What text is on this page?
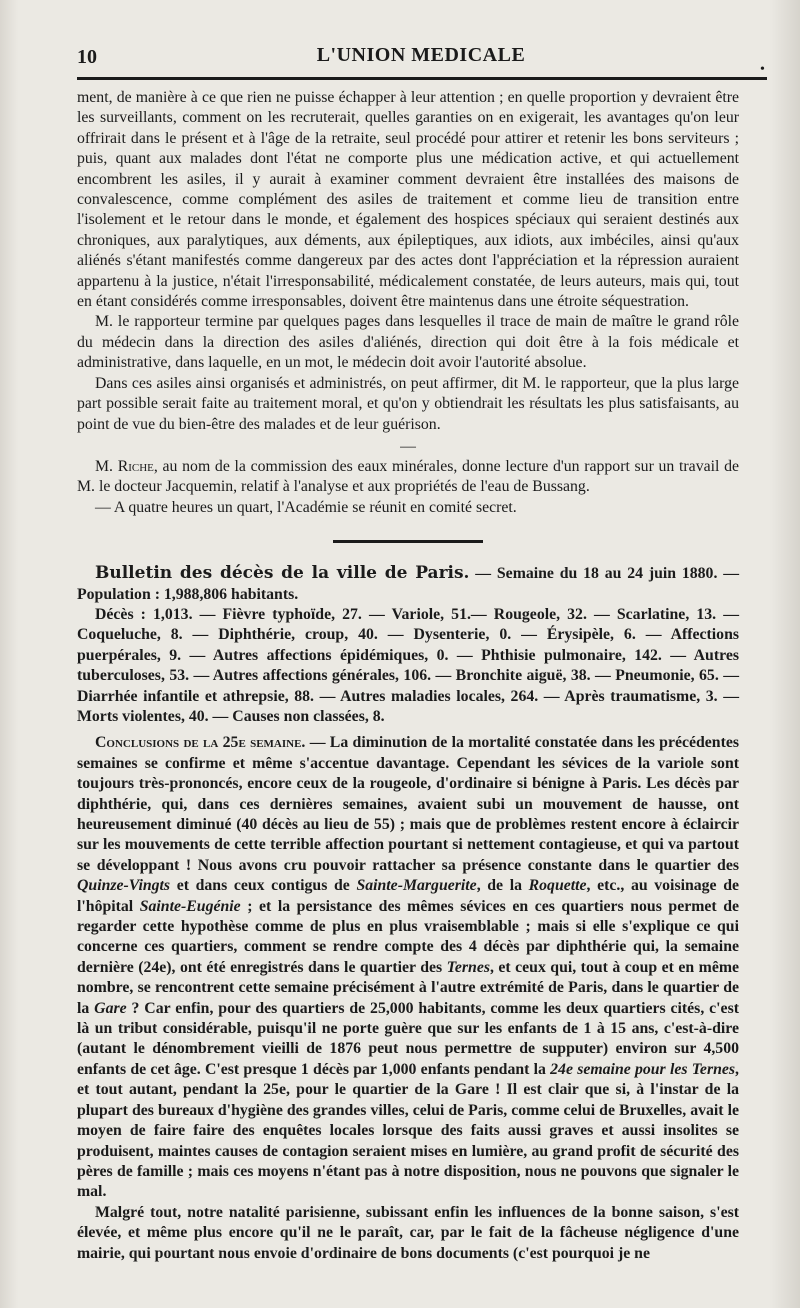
10	L'UNION MEDICALE
•

ment, de manière à ce que rien ne puisse échapper à leur attention ; en quelle proportion y devraient être les surveillants, comment on les recruterait, quelles garanties on en exigerait, les avantages qu'on leur offrirait dans le présent et à l'âge de la retraite, seul procédé pour attirer et retenir les bons serviteurs ; puis, quant aux malades dont l'état ne comporte plus une médication active, et qui actuellement encombrent les asiles, il y aurait à examiner comment devraient être installées des maisons de convalescence, comme complément des asiles de traitement et comme lieu de transition entre l'isolement et le retour dans le monde, et également des hospices spéciaux qui seraient destinés aux chroniques, aux paralytiques, aux déments, aux épileptiques, aux idiots, aux imbéciles, ainsi qu'aux aliénés s'étant manifestés comme dangereux par des actes dont l'appréciation et la répression auraient appartenu à la justice, n'était l'irresponsabilité, médicalement constatée, de leurs auteurs, mais qui, tout en étant considérés comme irresponsables, doivent être maintenus dans une étroite séquestration.

M. le rapporteur termine par quelques pages dans lesquelles il trace de main de maître le grand rôle du médecin dans la direction des asiles d'aliénés, direction qui doit être à la fois médicale et administrative, dans laquelle, en un mot, le médecin doit avoir l'autorité absolue.

Dans ces asiles ainsi organisés et administrés, on peut affirmer, dit M. le rapporteur, que la plus large part possible serait faite au traitement moral, et qu'on y obtiendrait les résultats les plus satisfaisants, au point de vue du bien-être des malades et de leur guérison.

—

M. Riche, au nom de la commission des eaux minérales, donne lecture d'un rapport sur un travail de M. le docteur Jacquemin, relatif à l'analyse et aux propriétés de l'eau de Bussang.

— A quatre heures un quart, l'Académie se réunit en comité secret.

Bulletin des décès de la ville de Paris. — Semaine du 18 au 24 juin 1880. — Population : 1,988,806 habitants.

Décès : 1,013. — Fièvre typhoïde, 27. — Variole, 51.— Rougeole, 32. — Scarlatine, 13. — Coqueluche, 8. — Diphthérie, croup, 40. — Dysenterie, 0. — Érysipèle, 6. — Affections puerpérales, 9. — Autres affections épidémiques, 0. — Phthisie pulmonaire, 142. — Autres tuberculoses, 53. — Autres affections générales, 106. — Bronchite aiguë, 38. — Pneumonie, 65. — Diarrhée infantile et athrepsie, 88. — Autres maladies locales, 264. — Après traumatisme, 3. — Morts violentes, 40. — Causes non classées, 8.

Conclusions de la 25e semaine. — La diminution de la mortalité constatée dans les précédentes semaines se confirme et même s'accentue davantage. Cependant les sévices de la variole sont toujours très-prononcés, encore ceux de la rougeole, d'ordinaire si bénigne à Paris. Les décès par diphthérie, qui, dans ces dernières semaines, avaient subi un mouvement de hausse, ont heureusement diminué (40 décès au lieu de 55) ; mais que de problèmes restent encore à éclaircir sur les mouvements de cette terrible affection pourtant si nettement contagieuse, et qui va partout se développant ! Nous avons cru pouvoir rattacher sa présence constante dans le quartier des Quinze-Vingts et dans ceux contigus de Sainte-Marguerite, de la Roquette, etc., au voisinage de l'hôpital Sainte-Eugénie ; et la persistance des mêmes sévices en ces quartiers nous permet de regarder cette hypothèse comme de plus en plus vraisemblable ; mais si elle s'explique ce qui concerne ces quartiers, comment se rendre compte des 4 décès par diphthérie qui, la semaine dernière (24e), ont été enregistrés dans le quartier des Ternes, et ceux qui, tout à coup et en même nombre, se rencontrent cette semaine précisément à l'autre extrémité de Paris, dans le quartier de la Gare ? Car enfin, pour des quartiers de 25,000 habitants, comme les deux quartiers cités, c'est là un tribut considérable, puisqu'il ne porte guère que sur les enfants de 1 à 15 ans, c'est-à-dire (autant le dénombrement vieilli de 1876 peut nous permettre de supputer) environ sur 4,500 enfants de cet âge. C'est presque 1 décès par 1,000 enfants pendant la 24e semaine pour les Ternes, et tout autant, pendant la 25e, pour le quartier de la Gare ! Il est clair que si, à l'instar de la plupart des bureaux d'hygiène des grandes villes, celui de Paris, comme celui de Bruxelles, avait le moyen de faire faire des enquêtes locales lorsque des faits aussi graves et aussi insolites se produisent, maintes causes de contagion seraient mises en lumière, au grand profit de sécurité des pères de famille ; mais ces moyens n'étant pas à notre disposition, nous ne pouvons que signaler le mal.

Malgré tout, notre natalité parisienne, subissant enfin les influences de la bonne saison, s'est élevée, et même plus encore qu'il ne le paraît, car, par le fait de la fâcheuse négligence d'une mairie, qui pourtant nous envoie d'ordinaire de bons documents (c'est pourquoi je ne
